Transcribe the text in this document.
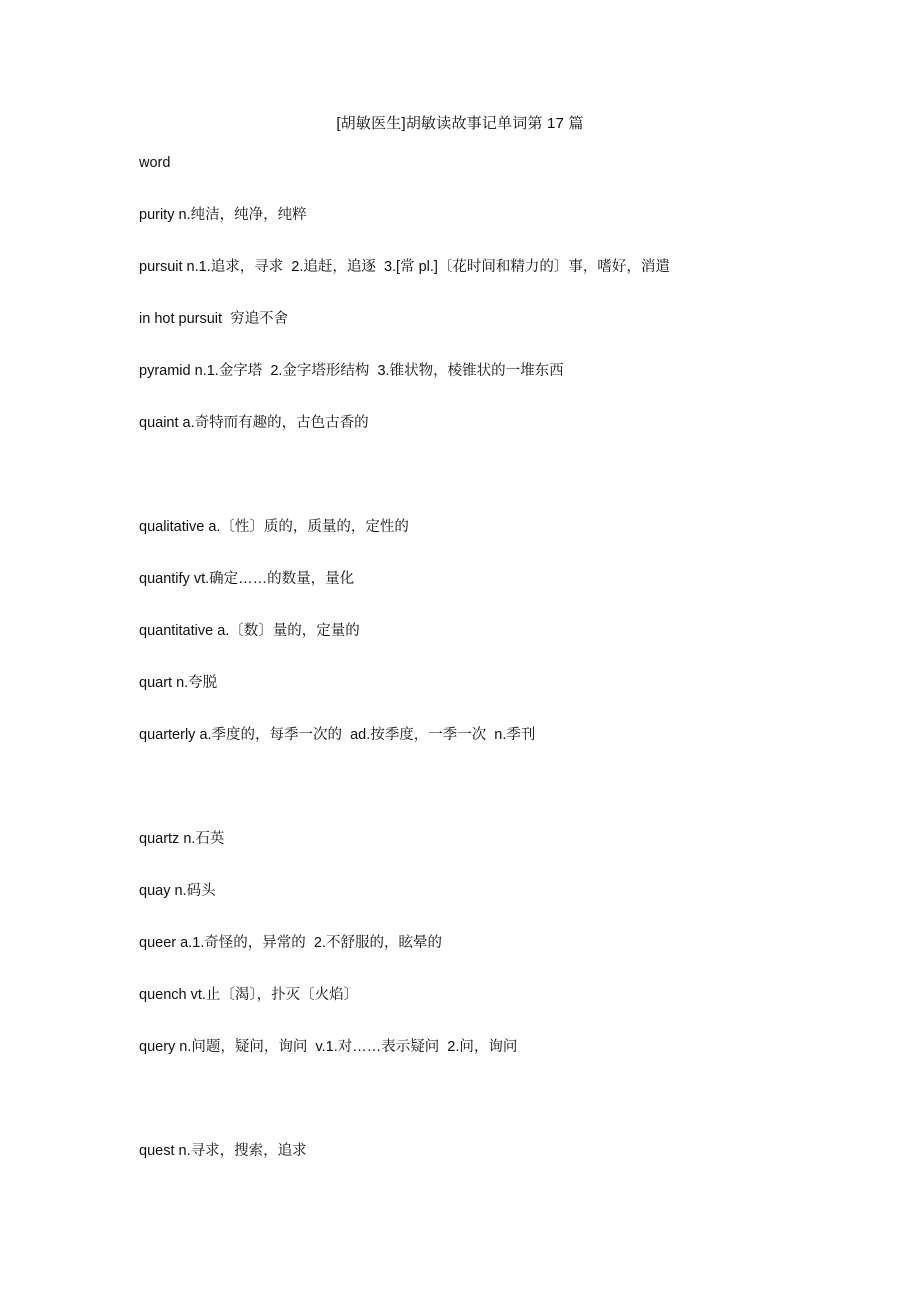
[胡敏医生]胡敏读故事记单词第 17 篇
word
purity n.纯洁，纯净，纯粹
pursuit n.1.追求，寻求  2.追赶，追逐  3.[常 pl.]〔花时间和精力的〕事，嗜好，消遣
in hot pursuit  穷追不舍
pyramid n.1.金字塔  2.金字塔形结构  3.锥状物，棱锥状的一堆东西
quaint a.奇特而有趣的，古色古香的
qualitative a.〔性〕质的，质量的，定性的
quantify vt.确定……的数量，量化
quantitative a.〔数〕量的，定量的
quart n.夸脱
quarterly a.季度的，每季一次的  ad.按季度，一季一次  n.季刊
quartz n.石英
quay n.码头
queer a.1.奇怪的，异常的  2.不舒服的，眩晕的
quench vt.止〔渴〕，扑灭〔火焰〕
query n.问题，疑问，询问  v.1.对……表示疑问  2.问，询问
quest n.寻求，搜索，追求
